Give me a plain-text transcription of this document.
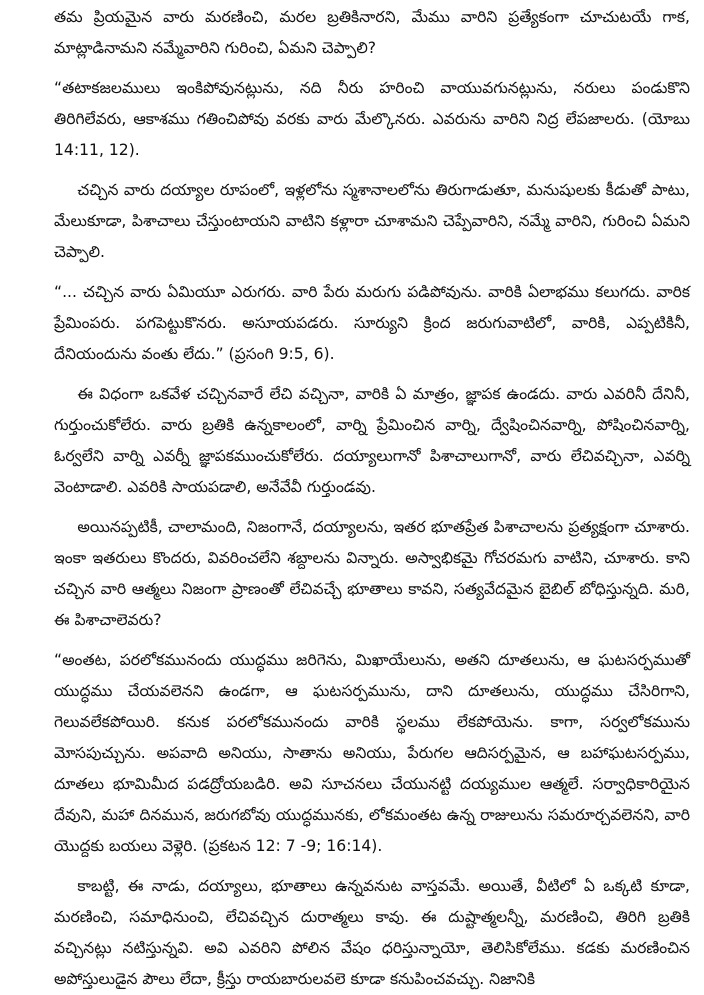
తమ ప్రియమైన వారు మరణించి, మరల బ్రతికినారని, మేము వారిని ప్రత్యేకంగా చూచుటయే గాక, మాట్లాడినామని నమ్మేవారిని గురించి, ఏమని చెప్పాలి?

“తటాకజలములు ఇంకిపోవునట్లును, నది నీరు హరించి వాయువగునట్లును, నరులు పండుకొని తిరిగిలేవరు, ఆకాశము గతించిపోవు వరకు వారు మేల్కొనరు. ఎవరును వారిని నిద్ర లేపజాలరు. (యోబు 14:11, 12).

చచ్చిన వారు దయ్యాల రూపంలో, ఇళ్లలోను స్మశానాలలోను తిరుగాడుతూ, మనుషులకు కీడుతో పాటు, మేలుకూడా, పిశాచాలు చేస్తుంటాయని వాటిని కళ్లారా చూశామని చెప్పేవారిని, నమ్మే వారిని, గురించి ఏమని చెప్పాలి.

“... చచ్చిన వారు ఏమియూ ఎరుగరు. వారి పేరు మరుగు పడిపోవును. వారికి ఏలాభము కలుగదు. వారిక ప్రేమింపరు. పగపెట్టుకొనరు. అసూయపడరు. సూర్యుని క్రింద జరుగువాటిలో, వారికి, ఎప్పటికినీ, దేనియందును వంతు లేదు.” (ప్రసంగి 9:5, 6).

ఈ విధంగా ఒకవేళ చచ్చినవారే లేచి వచ్చినా, వారికి ఏ మాత్రం, జ్ఞాపక ఉండదు. వారు ఎవరినీ దేనినీ, గుర్తుంచుకోలేరు. వారు బ్రతికి ఉన్నకాలంలో, వార్ని ప్రేమించిన వార్ని, ద్వేషించినవార్ని, పోషించినవార్ని, ఓర్వలేని వార్ని ఎవర్నీ జ్ఞాపకముంచుకోలేరు. దయ్యాలుగానో పిశాచాలుగానో, వారు లేచివచ్చినా, ఎవర్ని వెంటాడాలి. ఎవరికి సాయపడాలి, అనేవేవీ గుర్తుండవు.

అయినప్పటికీ, చాలామంది, నిజంగానే, దయ్యాలను, ఇతర భూతప్రేత పిశాచాలను ప్రత్యక్షంగా చూశారు. ఇంకా ఇతరులు కొందరు, వివరించలేని శబ్దాలను విన్నారు. అస్వాభికమై గోచరమగు వాటిని, చూశారు. కాని చచ్చిన వారి ఆత్మలు నిజంగా ప్రాణంతో లేచివచ్చే భూతాలు కావని, సత్యవేదమైన బైబిల్ బోధిస్తున్నది. మరి, ఈ పిశాచాలెవరు?

“అంతట, పరలోకమునందు యుద్ధము జరిగెను, మిఖాయేలును, అతని దూతలును, ఆ ఘటసర్పముతో యుద్ధము చేయవలెనని ఉండగా, ఆ ఘటసర్పమును, దాని దూతలును, యుద్ధము చేసిరిగాని, గెలువలేకపోయిరి. కనుక పరలోకమునందు వారికి స్థలము లేకపోయెను. కాగా, సర్వలోకమును మోసపుచ్చును. అపవాది అనియు, సాతాను అనియు, పేరుగల ఆదిసర్పమైన, ఆ బహాఘటసర్పము, దూతలు భూమిమీద పడద్రోయబడిరి. అవి సూచనలు చేయునట్టి దయ్యముల ఆత్మలే. సర్వాధికారియైన దేవుని, మహా దినమున, జరుగబోవు యుద్ధమునకు, లోకమంతట ఉన్న రాజులును సమరూర్చవలెనని, వారి యొద్దకు బయలు వెళ్లెరి. (ప్రకటన 12: 7 -9; 16:14).

కాబట్టి, ఈ నాడు, దయ్యాలు, భూతాలు ఉన్నవనుట వాస్తవమే. అయితే, వీటిలో ఏ ఒక్కటి కూడా, మరణించి, సమాధినుంచి, లేచివచ్చిన దురాత్మలు కావు. ఈ దుష్టాత్మలన్నీ, మరణించి, తిరిగి బ్రతికి వచ్చినట్లు నటిస్తున్నవి. అవి ఎవరిని పోలిన వేషం ధరిస్తున్నాయో, తెలిసికోలేము. కడకు మరణించిన అపోస్తులుడైన పౌలు లేదా, క్రీస్తు రాయబారులవలె కూడా కనుపించవచ్చు. నిజానికి
